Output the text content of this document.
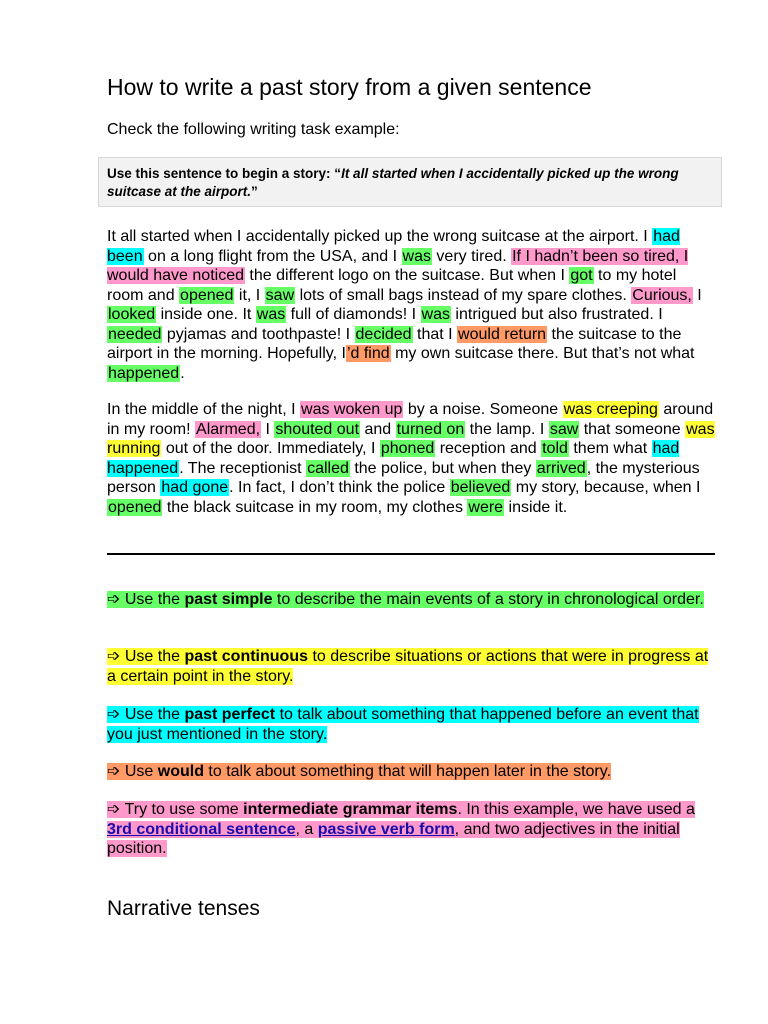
How to write a past story from a given sentence

Check the following writing task example:

Use this sentence to begin a story: “It all started when I accidentally picked up the wrong suitcase at the airport.”

It all started when I accidentally picked up the wrong suitcase at the airport. I had been on a long flight from the USA, and I was very tired. If I hadn’t been so tired, I would have noticed the different logo on the suitcase. But when I got to my hotel room and opened it, I saw lots of small bags instead of my spare clothes. Curious, I looked inside one. It was full of diamonds! I was intrigued but also frustrated. I needed pyjamas and toothpaste! I decided that I would return the suitcase to the airport in the morning. Hopefully, I’d find my own suitcase there. But that’s not what happened.

In the middle of the night, I was woken up by a noise. Someone was creeping around in my room! Alarmed, I shouted out and turned on the lamp. I saw that someone was running out of the door. Immediately, I phoned reception and told them what had happened. The receptionist called the police, but when they arrived, the mysterious person had gone. In fact, I don’t think the police believed my story, because, when I opened the black suitcase in my room, my clothes were inside it.

➩ Use the past simple to describe the main events of a story in chronological order.

➩ Use the past continuous to describe situations or actions that were in progress at a certain point in the story.

➩ Use the past perfect to talk about something that happened before an event that you just mentioned in the story.

➩ Use would to talk about something that will happen later in the story.

➩ Try to use some intermediate grammar items. In this example, we have used a 3rd conditional sentence, a passive verb form, and two adjectives in the initial position.

Narrative tenses
